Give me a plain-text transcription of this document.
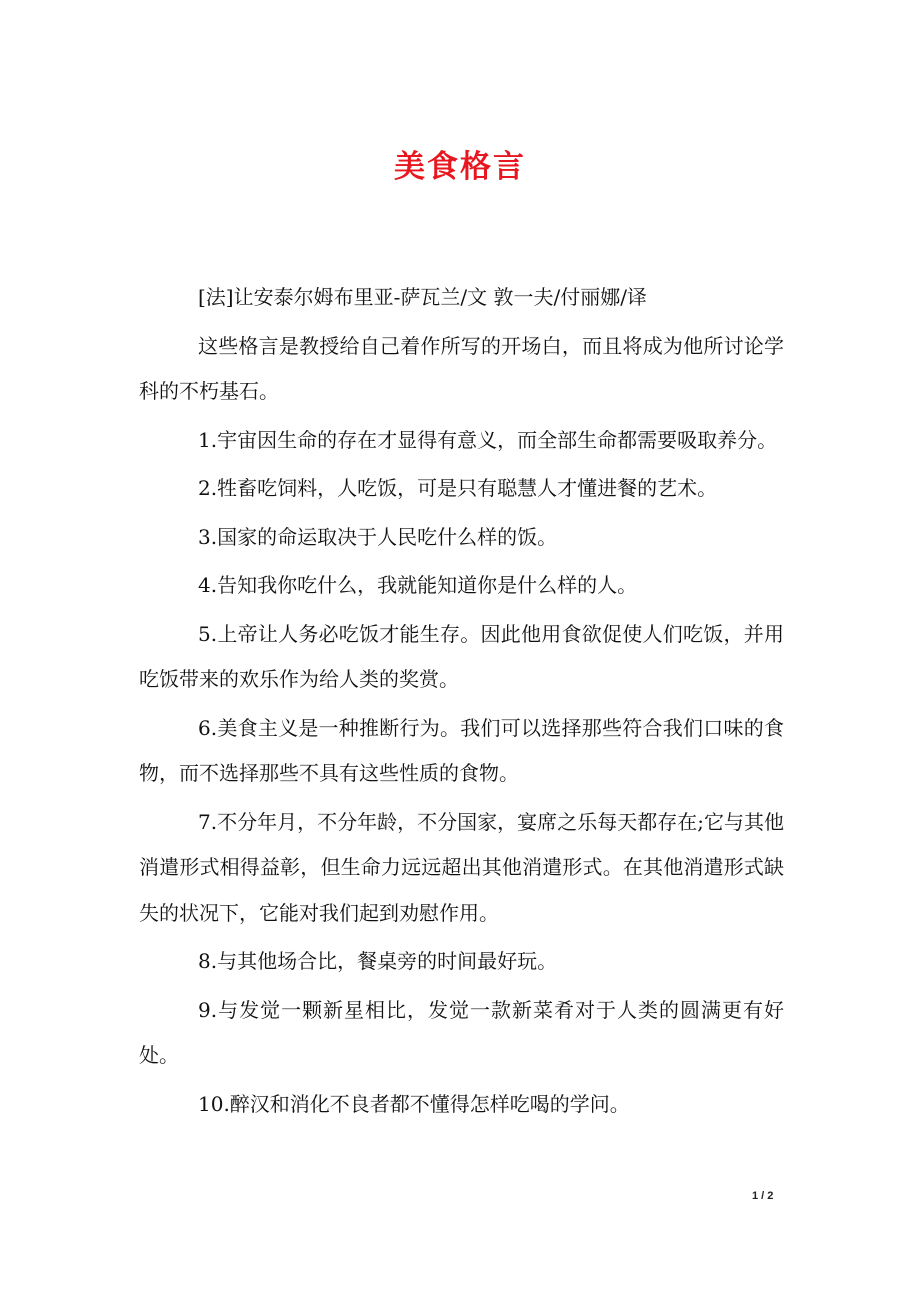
美食格言

[法]让安泰尔姆布里亚-萨瓦兰/文 敦一夫/付丽娜/译

这些格言是教授给自己着作所写的开场白，而且将成为他所讨论学科的不朽基石。

1.宇宙因生命的存在才显得有意义，而全部生命都需要吸取养分。

2.牲畜吃饲料，人吃饭，可是只有聪慧人才懂进餐的艺术。

3.国家的命运取决于人民吃什么样的饭。

4.告知我你吃什么，我就能知道你是什么样的人。

5.上帝让人务必吃饭才能生存。因此他用食欲促使人们吃饭，并用吃饭带来的欢乐作为给人类的奖赏。

6.美食主义是一种推断行为。我们可以选择那些符合我们口味的食物，而不选择那些不具有这些性质的食物。

7.不分年月，不分年龄，不分国家，宴席之乐每天都存在;它与其他消遣形式相得益彰，但生命力远远超出其他消遣形式。在其他消遣形式缺失的状况下，它能对我们起到劝慰作用。

8.与其他场合比，餐桌旁的时间最好玩。

9.与发觉一颗新星相比，发觉一款新菜肴对于人类的圆满更有好处。

10.醉汉和消化不良者都不懂得怎样吃喝的学问。

1 / 2
